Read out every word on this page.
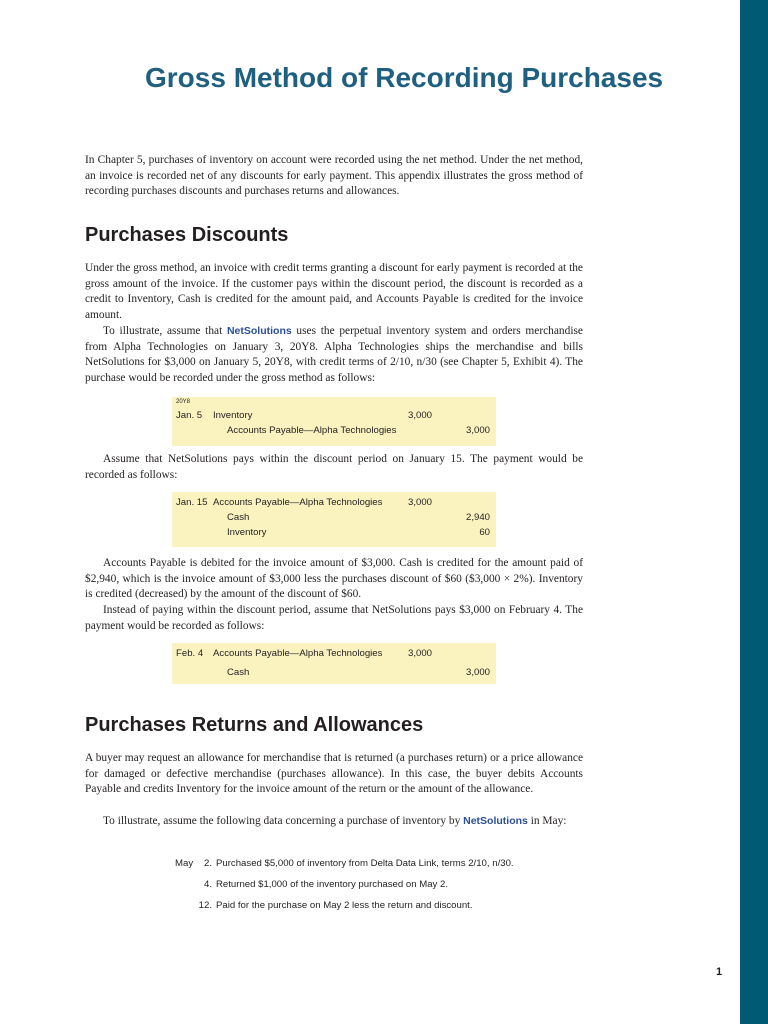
Gross Method of Recording Purchases

In Chapter 5, purchases of inventory on account were recorded using the net method. Under the net method, an invoice is recorded net of any discounts for early payment. This appendix illustrates the gross method of recording purchases discounts and purchases returns and allowances.

Purchases Discounts

Under the gross method, an invoice with credit terms granting a discount for early payment is recorded at the gross amount of the invoice. If the customer pays within the discount period, the discount is recorded as a credit to Inventory, Cash is credited for the amount paid, and Accounts Payable is credited for the invoice amount.

To illustrate, assume that NetSolutions uses the perpetual inventory system and orders merchandise from Alpha Technologies on January 3, 20Y8. Alpha Technologies ships the merchandise and bills NetSolutions for $3,000 on January 5, 20Y8, with credit terms of 2/10, n/30 (see Chapter 5, Exhibit 4). The purchase would be recorded under the gross method as follows:

20Y8
Jan. 5 Inventory	3,000
Accounts Payable—Alpha Technologies	3,000

Assume that NetSolutions pays within the discount period on January 15. The payment would be recorded as follows:

Jan. 15 Accounts Payable—Alpha Technologies	3,000
Cash	2,940
Inventory	60

Accounts Payable is debited for the invoice amount of $3,000. Cash is credited for the amount paid of $2,940, which is the invoice amount of $3,000 less the purchases discount of $60 ($3,000 × 2%). Inventory is credited (decreased) by the amount of the discount of $60.

Instead of paying within the discount period, assume that NetSolutions pays $3,000 on February 4. The payment would be recorded as follows:

Feb. 4 Accounts Payable—Alpha Technologies	3,000
Cash	3,000
Purchases Returns and Allowances

A buyer may request an allowance for merchandise that is returned (a purchases return) or a price allowance for damaged or defective merchandise (purchases allowance). In this case, the buyer debits Accounts Payable and credits Inventory for the invoice amount of the return or the amount of the allowance.

To illustrate, assume the following data concerning a purchase of inventory by NetSolutions in May:

May	2. Purchased $5,000 of inventory from Delta Data Link, terms 2/10, n/30.
4. Returned $1,000 of the inventory purchased on May 2.
12. Paid for the purchase on May 2 less the return and discount.
1
